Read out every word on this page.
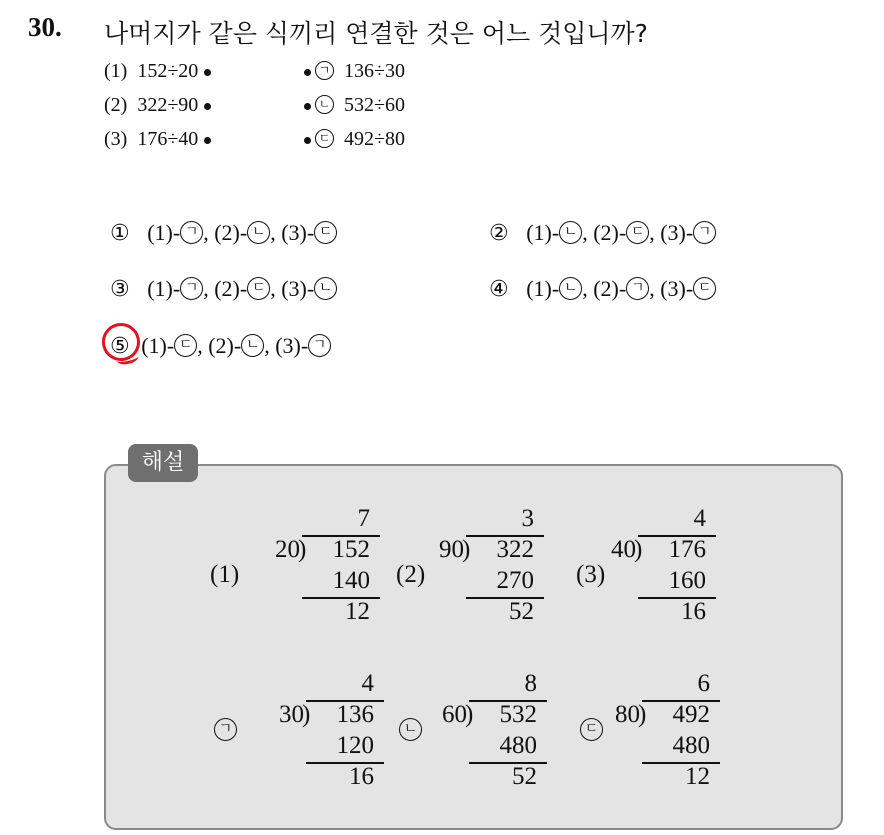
30. 나머지가 같은 식끼리 연결한 것은 어느 것입니까?
(1) 152÷20
(2) 322÷90
(3) 176÷40
ㄱ 136÷30
ㄴ 532÷60
ㄷ 492÷80
① (1)- ㄱ , (2)- ㄴ , (3)- ㄷ	② (1)- ㄴ , (2)- ㄷ , (3)- ㄱ
③ (1)- ㄱ , (2)- ㄷ , (3)- ㄴ	④ (1)- ㄴ , (2)- ㄱ , (3)- ㄷ
⑤ (1)- ㄷ , (2)- ㄴ , (3)- ㄱ
해설
(1)
20
)
7
152
140
12
(2)
90
)
3
322
270
52
(3)
40
)
4
176
160
16
ㄱ
30
)
4
136
120
16
ㄴ
60
)
8
532
480
52
ㄷ
80
)
6
492
480
12
